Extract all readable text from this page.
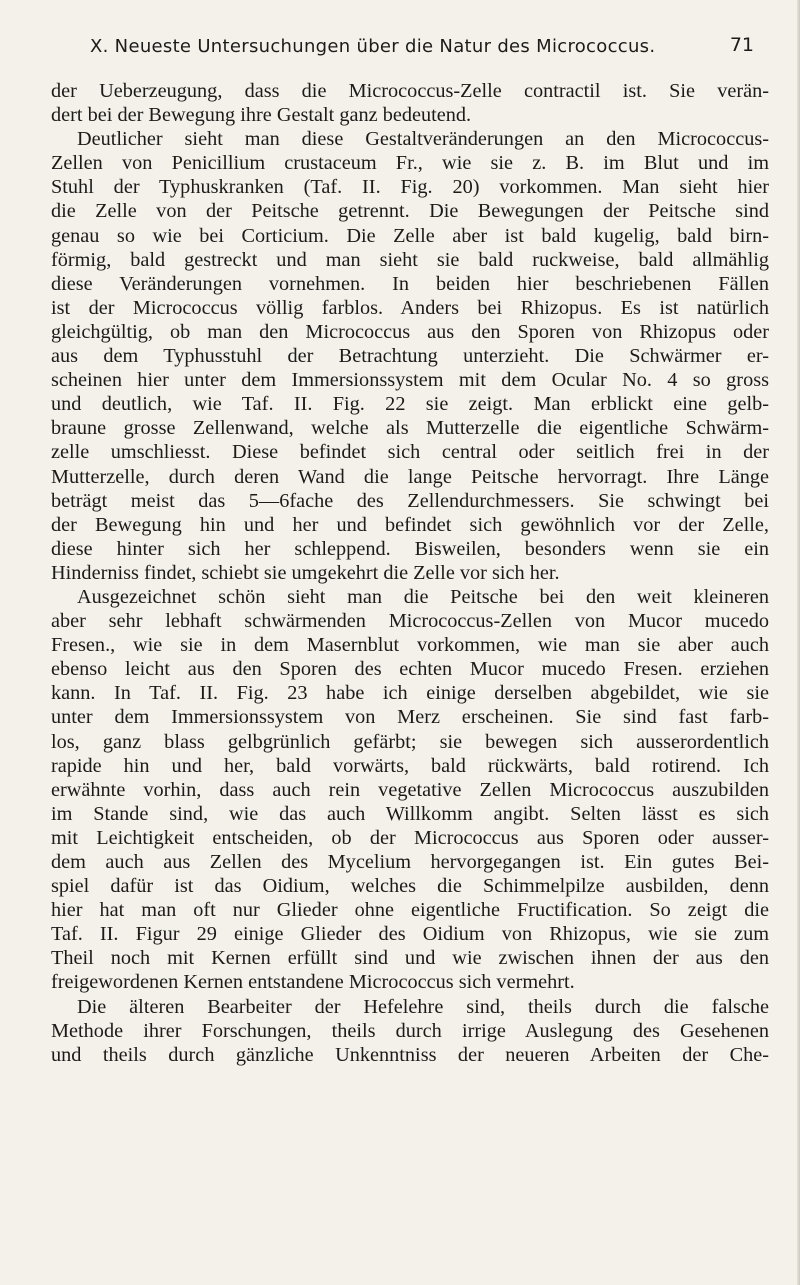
X. Neueste Untersuchungen über die Natur des Micrococcus.	71
der Ueberzeugung, dass die Micrococcus-Zelle contractil ist. Sie verän-
dert bei der Bewegung ihre Gestalt ganz bedeutend.
Deutlicher sieht man diese Gestaltveränderungen an den Micrococcus-
Zellen von Penicillium crustaceum Fr., wie sie z. B. im Blut und im
Stuhl der Typhuskranken (Taf. II. Fig. 20) vorkommen. Man sieht hier
die Zelle von der Peitsche getrennt. Die Bewegungen der Peitsche sind
genau so wie bei Corticium. Die Zelle aber ist bald kugelig, bald birn-
förmig, bald gestreckt und man sieht sie bald ruckweise, bald allmählig
diese Veränderungen vornehmen. In beiden hier beschriebenen Fällen
ist der Micrococcus völlig farblos. Anders bei Rhizopus. Es ist natürlich
gleichgültig, ob man den Micrococcus aus den Sporen von Rhizopus oder
aus dem Typhusstuhl der Betrachtung unterzieht. Die Schwärmer er-
scheinen hier unter dem Immersionssystem mit dem Ocular No. 4 so gross
und deutlich, wie Taf. II. Fig. 22 sie zeigt. Man erblickt eine gelb-
braune grosse Zellenwand, welche als Mutterzelle die eigentliche Schwärm-
zelle umschliesst. Diese befindet sich central oder seitlich frei in der
Mutterzelle, durch deren Wand die lange Peitsche hervorragt. Ihre Länge
beträgt meist das 5—6fache des Zellendurchmessers. Sie schwingt bei
der Bewegung hin und her und befindet sich gewöhnlich vor der Zelle,
diese hinter sich her schleppend. Bisweilen, besonders wenn sie ein
Hinderniss findet, schiebt sie umgekehrt die Zelle vor sich her.
Ausgezeichnet schön sieht man die Peitsche bei den weit kleineren
aber sehr lebhaft schwärmenden Micrococcus-Zellen von Mucor mucedo
Fresen., wie sie in dem Masernblut vorkommen, wie man sie aber auch
ebenso leicht aus den Sporen des echten Mucor mucedo Fresen. erziehen
kann. In Taf. II. Fig. 23 habe ich einige derselben abgebildet, wie sie
unter dem Immersionssystem von Merz erscheinen. Sie sind fast farb-
los, ganz blass gelbgrünlich gefärbt; sie bewegen sich ausserordentlich
rapide hin und her, bald vorwärts, bald rückwärts, bald rotirend. Ich
erwähnte vorhin, dass auch rein vegetative Zellen Micrococcus auszubilden
im Stande sind, wie das auch Willkomm angibt. Selten lässt es sich
mit Leichtigkeit entscheiden, ob der Micrococcus aus Sporen oder ausser-
dem auch aus Zellen des Mycelium hervorgegangen ist. Ein gutes Bei-
spiel dafür ist das Oidium, welches die Schimmelpilze ausbilden, denn
hier hat man oft nur Glieder ohne eigentliche Fructification. So zeigt die
Taf. II. Figur 29 einige Glieder des Oidium von Rhizopus, wie sie zum
Theil noch mit Kernen erfüllt sind und wie zwischen ihnen der aus den
freigewordenen Kernen entstandene Micrococcus sich vermehrt.
Die älteren Bearbeiter der Hefelehre sind, theils durch die falsche
Methode ihrer Forschungen, theils durch irrige Auslegung des Gesehenen
und theils durch gänzliche Unkenntniss der neueren Arbeiten der Che-
